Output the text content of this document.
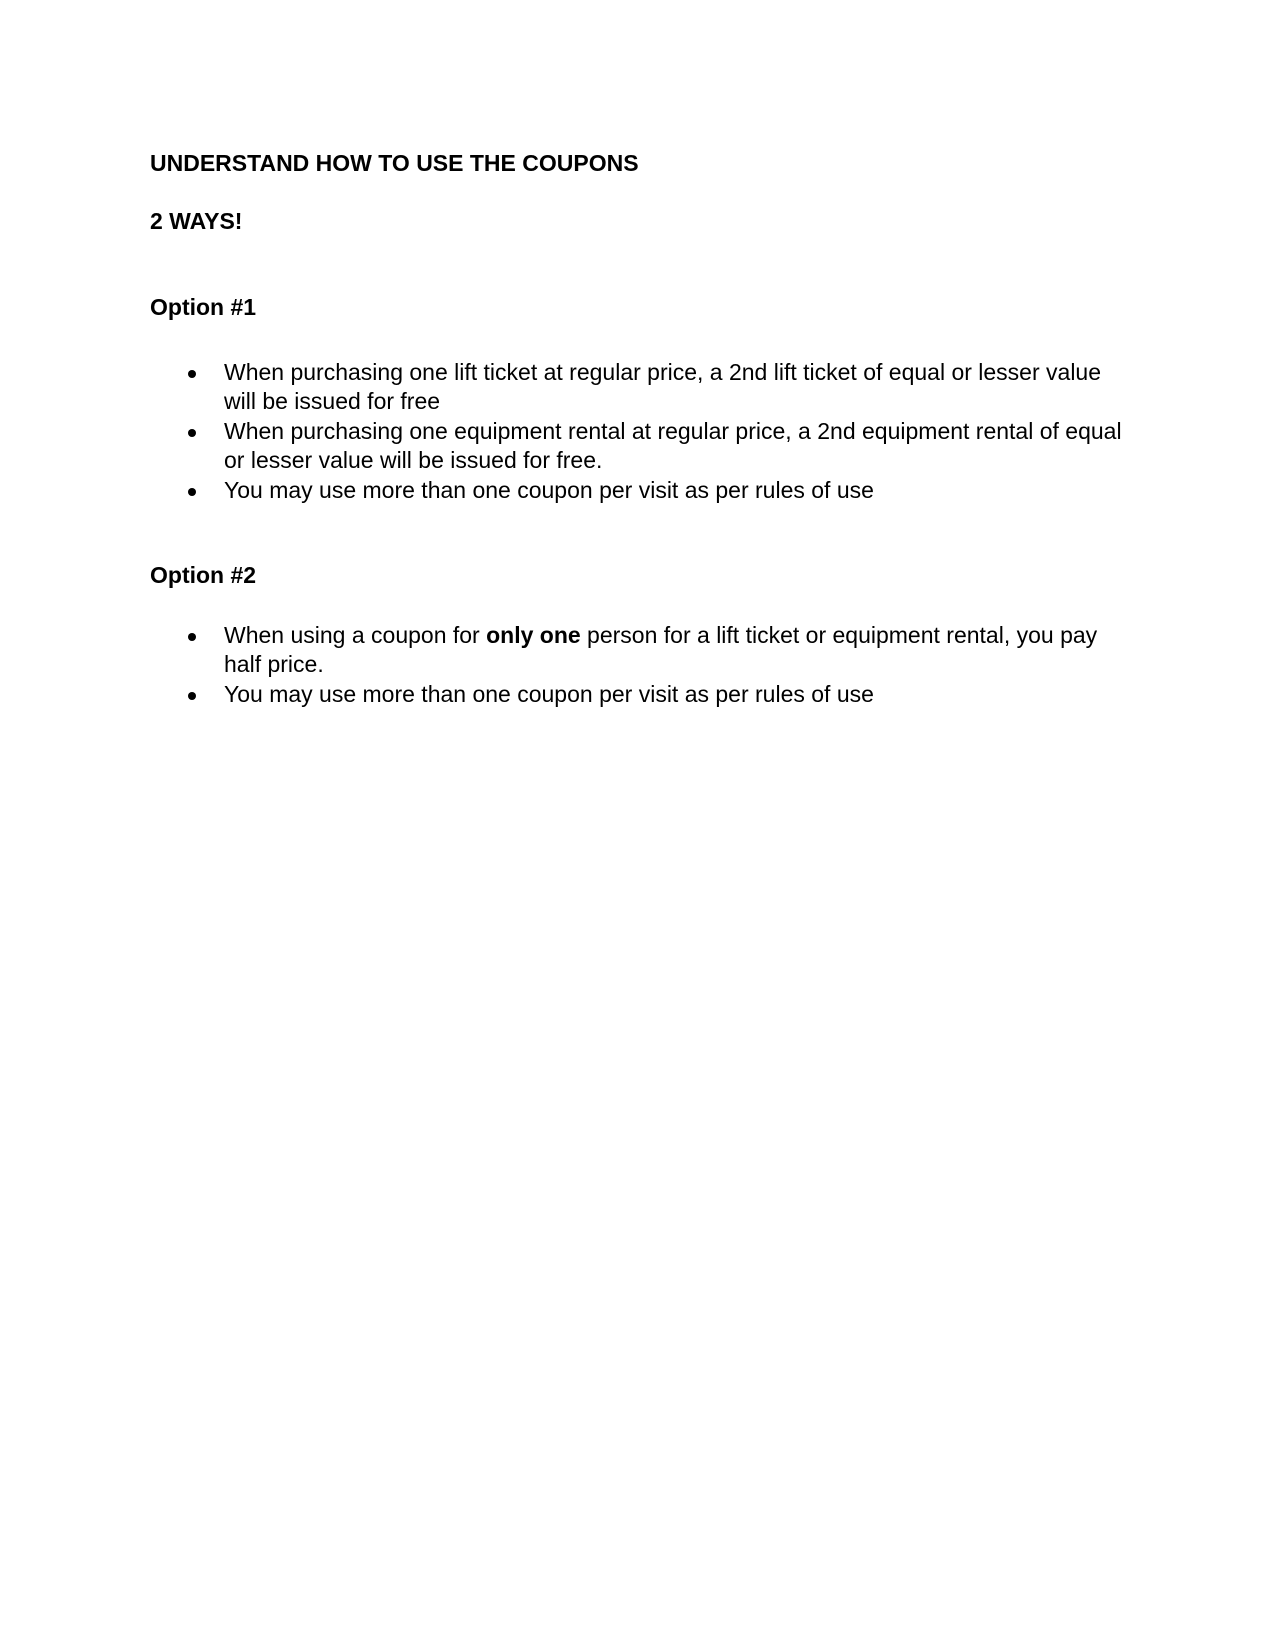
UNDERSTAND HOW TO USE THE COUPONS
2 WAYS!
Option #1
When purchasing one lift ticket at regular price, a 2nd lift ticket of equal or lesser value will be issued for free
When purchasing one equipment rental at regular price, a 2nd equipment rental of equal or lesser value will be issued for free.
You may use more than one coupon per visit as per rules of use
Option #2
When using a coupon for only one person for a lift ticket or equipment rental, you pay half price.
You may use more than one coupon per visit as per rules of use
